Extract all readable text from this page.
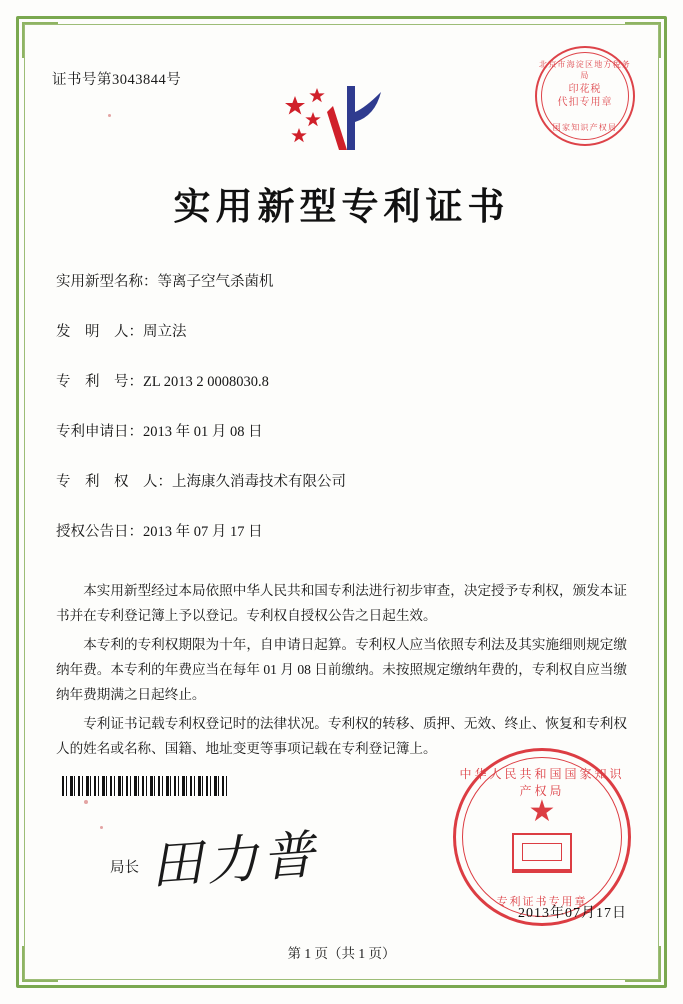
证书号第3043844号
北京市海淀区地方税务局
印花税
代扣专用章
国家知识产权局
实用新型专利证书
实用新型名称：等离子空气杀菌机
发　明　人：周立法
专　利　号：ZL 2013 2 0008030.8
专利申请日：2013 年 01 月 08 日
专　利　权　人：上海康久消毒技术有限公司
授权公告日：2013 年 07 月 17 日

本实用新型经过本局依照中华人民共和国专利法进行初步审查，决定授予专利权，颁发本证书并在专利登记簿上予以登记。专利权自授权公告之日起生效。

本专利的专利权期限为十年，自申请日起算。专利权人应当依照专利法及其实施细则规定缴纳年费。本专利的年费应当在每年 01 月 08 日前缴纳。未按照规定缴纳年费的，专利权自应当缴纳年费期满之日起终止。

专利证书记载专利权登记时的法律状况。专利权的转移、质押、无效、终止、恢复和专利权人的姓名或名称、国籍、地址变更等事项记载在专利登记簿上。

局长 田力普
中华人民共和国国家知识产权局
★
专利证书专用章
2013年07月17日
第 1 页（共 1 页）
